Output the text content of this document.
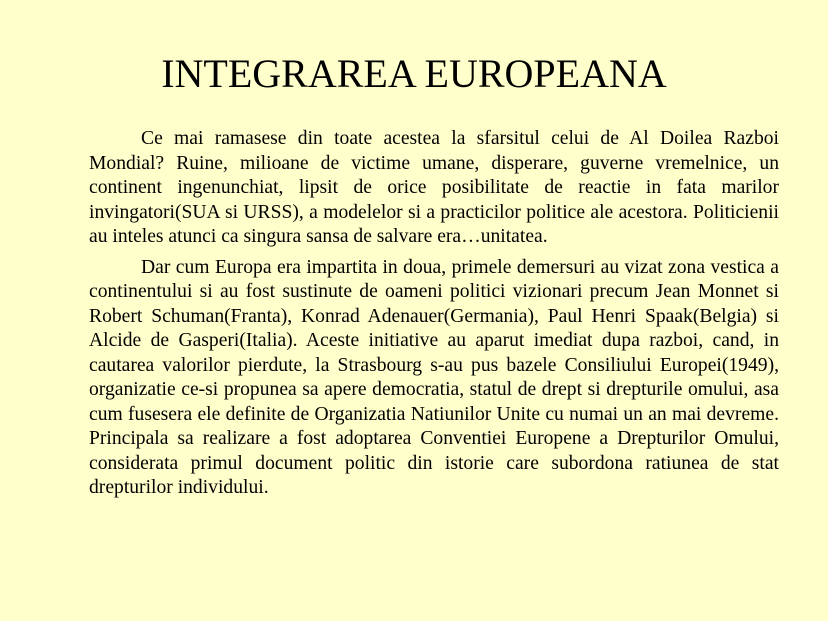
INTEGRAREA EUROPEANA

Ce mai ramasese din toate acestea la sfarsitul celui de Al Doilea Razboi Mondial? Ruine, milioane de victime umane, disperare, guverne vremelnice, un continent ingenunchiat, lipsit de orice posibilitate de reactie in fata marilor invingatori(SUA si URSS), a modelelor si a practicilor politice ale acestora. Politicienii au inteles atunci ca singura sansa de salvare era…unitatea.

Dar cum Europa era impartita in doua, primele demersuri au vizat zona vestica a continentului si au fost sustinute de oameni politici vizionari precum Jean Monnet si Robert Schuman(Franta), Konrad Adenauer(Germania), Paul Henri Spaak(Belgia) si Alcide de Gasperi(Italia). Aceste initiative au aparut imediat dupa razboi, cand, in cautarea valorilor pierdute, la Strasbourg s-au pus bazele Consiliului Europei(1949), organizatie ce-si propunea sa apere democratia, statul de drept si drepturile omului, asa cum fusesera ele definite de Organizatia Natiunilor Unite cu numai un an mai devreme. Principala sa realizare a fost adoptarea Conventiei Europene a Drepturilor Omului, considerata primul document politic din istorie care subordona ratiunea de stat drepturilor individului.
